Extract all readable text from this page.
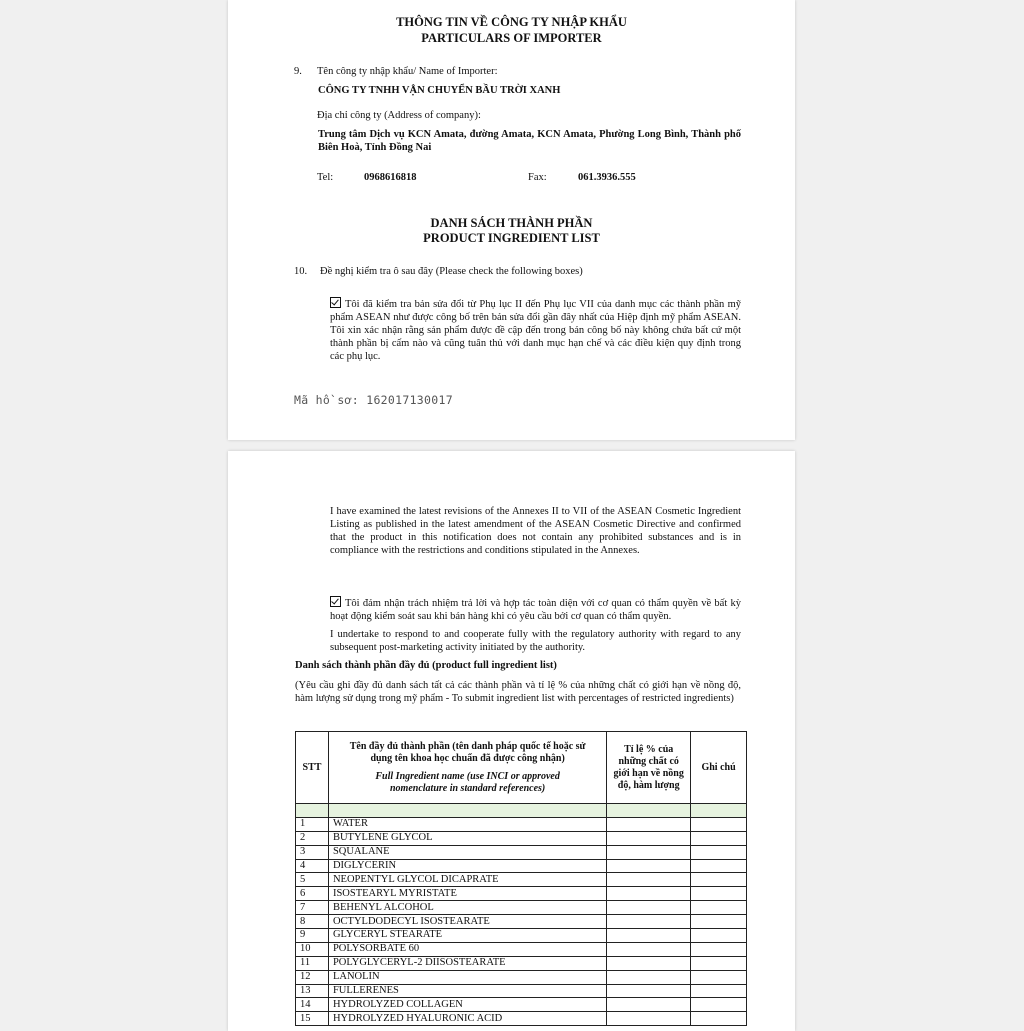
THÔNG TIN VỀ CÔNG TY NHẬP KHẨU
PARTICULARS OF IMPORTER
9. Tên công ty nhập khẩu/ Name of Importer:
CÔNG TY TNHH VẬN CHUYỂN BẦU TRỜI XANH
Địa chỉ công ty (Address of company):
Trung tâm Dịch vụ KCN Amata, đường Amata, KCN Amata, Phường Long Bình, Thành phố Biên Hoà, Tỉnh Đồng Nai
Tel:	0968616818	Fax:	061.3936.555
DANH SÁCH THÀNH PHẦN
PRODUCT INGREDIENT LIST
10. Đề nghị kiểm tra ô sau đây (Please check the following boxes)
Tôi đã kiểm tra bản sửa đổi từ Phụ lục II đến Phụ lục VII của danh mục các thành phần mỹ phẩm ASEAN như được công bố trên bản sửa đổi gần đây nhất của Hiệp định mỹ phẩm ASEAN. Tôi xin xác nhận rằng sản phẩm được đề cập đến trong bản công bố này không chứa bất cứ một thành phần bị cấm nào và cũng tuân thủ với danh mục hạn chế và các điều kiện quy định trong các phụ lục.
Mã hồ sơ: 162017130017
I have examined the latest revisions of the Annexes II to VII of the ASEAN Cosmetic Ingredient Listing as published in the latest amendment of the ASEAN Cosmetic Directive and confirmed that the product in this notification does not contain any prohibited substances and is in compliance with the restrictions and conditions stipulated in the Annexes.
Tôi đảm nhận trách nhiệm trả lời và hợp tác toàn diện với cơ quan có thẩm quyền về bất kỳ hoạt động kiểm soát sau khi bán hàng khi có yêu cầu bởi cơ quan có thẩm quyền.
I undertake to respond to and cooperate fully with the regulatory authority with regard to any subsequent post-marketing activity initiated by the authority.
Danh sách thành phần đầy đủ (product full ingredient list)
(Yêu cầu ghi đầy đủ danh sách tất cả các thành phần và tỉ lệ % của những chất có giới hạn về nồng độ, hàm lượng sử dụng trong mỹ phẩm - To submit ingredient list with percentages of restricted ingredients)
STT	Tên đầy đủ thành phần (tên danh pháp quốc tế hoặc sử dụng tên khoa học chuẩn đã được công nhận)
Full Ingredient name (use INCI or approved nomenclature in standard references)	Tỉ lệ % của những chất có giới hạn về nồng độ, hàm lượng	Ghi chú

1	WATER		
2	BUTYLENE GLYCOL		
3	SQUALANE		
4	DIGLYCERIN		
5	NEOPENTYL GLYCOL DICAPRATE		
6	ISOSTEARYL MYRISTATE		
7	BEHENYL ALCOHOL		
8	OCTYLDODECYL ISOSTEARATE		
9	GLYCERYL STEARATE		
10	POLYSORBATE 60		
11	POLYGLYCERYL-2 DIISOSTEARATE		
12	LANOLIN		
13	FULLERENES		
14	HYDROLYZED COLLAGEN		
15	HYDROLYZED HYALURONIC ACID		
